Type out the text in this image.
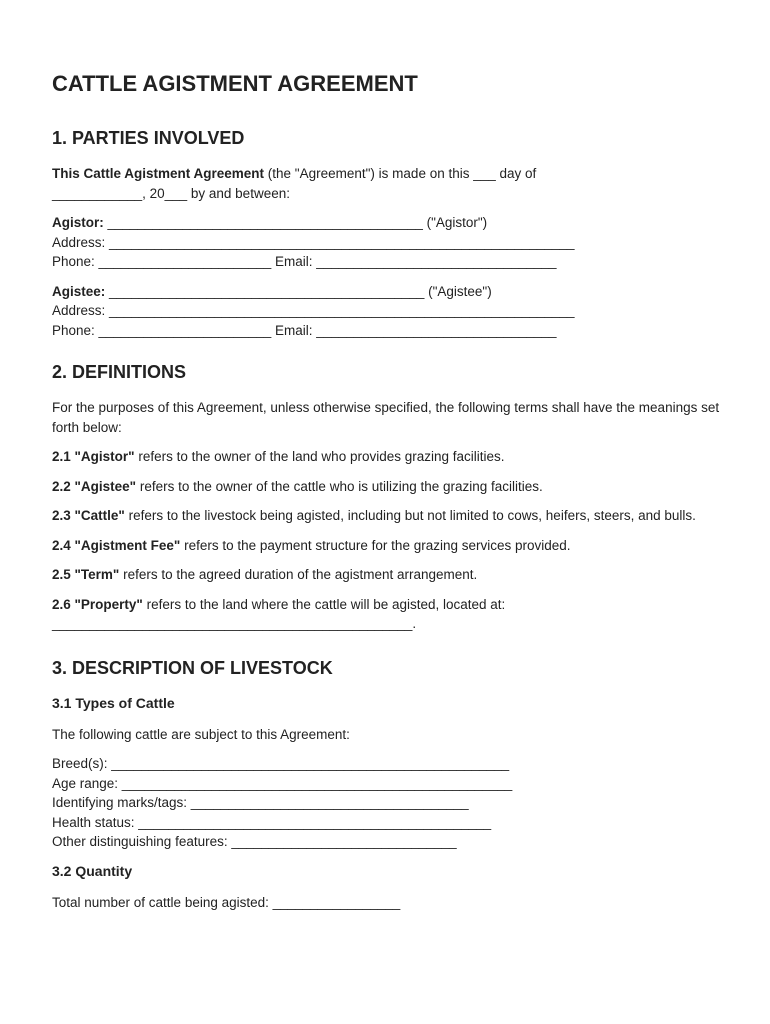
CATTLE AGISTMENT AGREEMENT
1. PARTIES INVOLVED

This Cattle Agistment Agreement (the "Agreement") is made on this ___ day of

____________, 20___ by and between:

Agistor: __________________________________________ ("Agistor")

Address: ______________________________________________________________

Phone: _______________________ Email: ________________________________

Agistee: __________________________________________ ("Agistee")

Address: ______________________________________________________________

Phone: _______________________ Email: ________________________________

2. DEFINITIONS

For the purposes of this Agreement, unless otherwise specified, the following terms shall have the meanings set forth below:

2.1 "Agistor" refers to the owner of the land who provides grazing facilities.

2.2 "Agistee" refers to the owner of the cattle who is utilizing the grazing facilities.

2.3 "Cattle" refers to the livestock being agisted, including but not limited to cows, heifers, steers, and bulls.

2.4 "Agistment Fee" refers to the payment structure for the grazing services provided.

2.5 "Term" refers to the agreed duration of the agistment arrangement.

2.6 "Property" refers to the land where the cattle will be agisted, located at:

________________________________________________.

3. DESCRIPTION OF LIVESTOCK
3.1 Types of Cattle

The following cattle are subject to this Agreement:

Breed(s): _____________________________________________________

Age range: ____________________________________________________

Identifying marks/tags: _____________________________________

Health status: _______________________________________________

Other distinguishing features: ______________________________

3.2 Quantity

Total number of cattle being agisted: _________________
